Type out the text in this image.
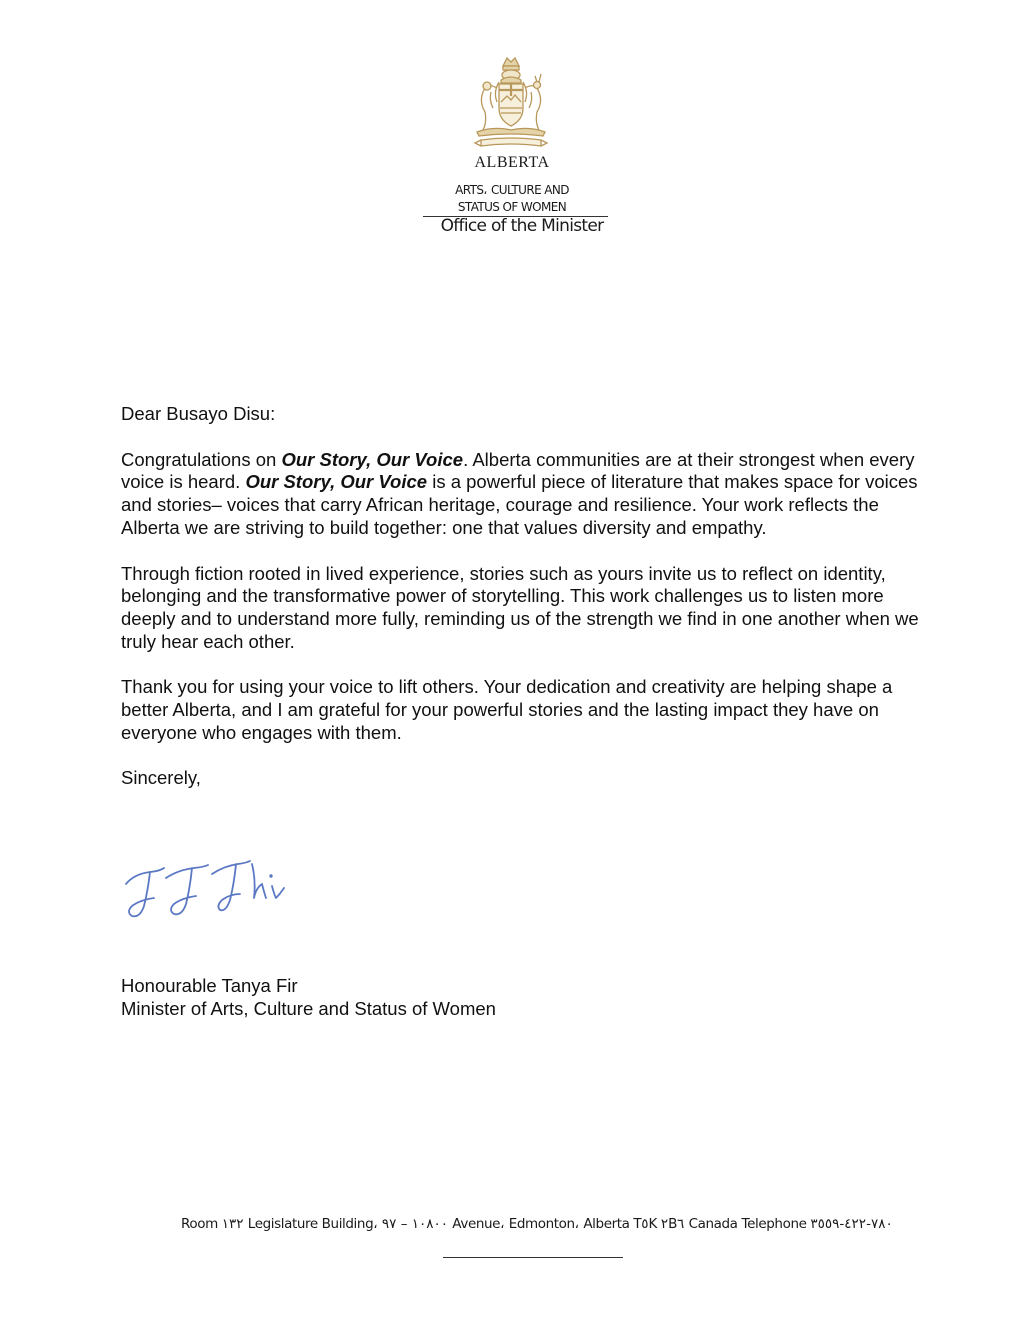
ALBERTA
ARTS، CULTURE AND
STATUS OF WOMEN
Office of the Minister

Dear Busayo Disu:

Congratulations on Our Story, Our Voice. Alberta communities are at their strongest when every voice is heard. Our Story, Our Voice is a powerful piece of literature that makes space for voices and stories– voices that carry African heritage, courage and resilience. Your work reflects the Alberta we are striving to build together: one that values diversity and empathy.

Through fiction rooted in lived experience, stories such as yours invite us to reflect on identity, belonging and the transformative power of storytelling. This work challenges us to listen more deeply and to understand more fully, reminding us of the strength we find in one another when we truly hear each other.

Thank you for using your voice to lift others. Your dedication and creativity are helping shape a better Alberta, and I am grateful for your powerful stories and the lasting impact they have on everyone who engages with them.

Sincerely,

Honourable Tanya Fir
Minister of Arts, Culture and Status of Women
Room ١٣٢ Legislature Building، ١٠٨٠٠ – ٩٧ Avenue، Edmonton، Alberta T٥K ٢B٦ Canada Telephone ٧٨٠-٤٢٢-٣٥٥٩
